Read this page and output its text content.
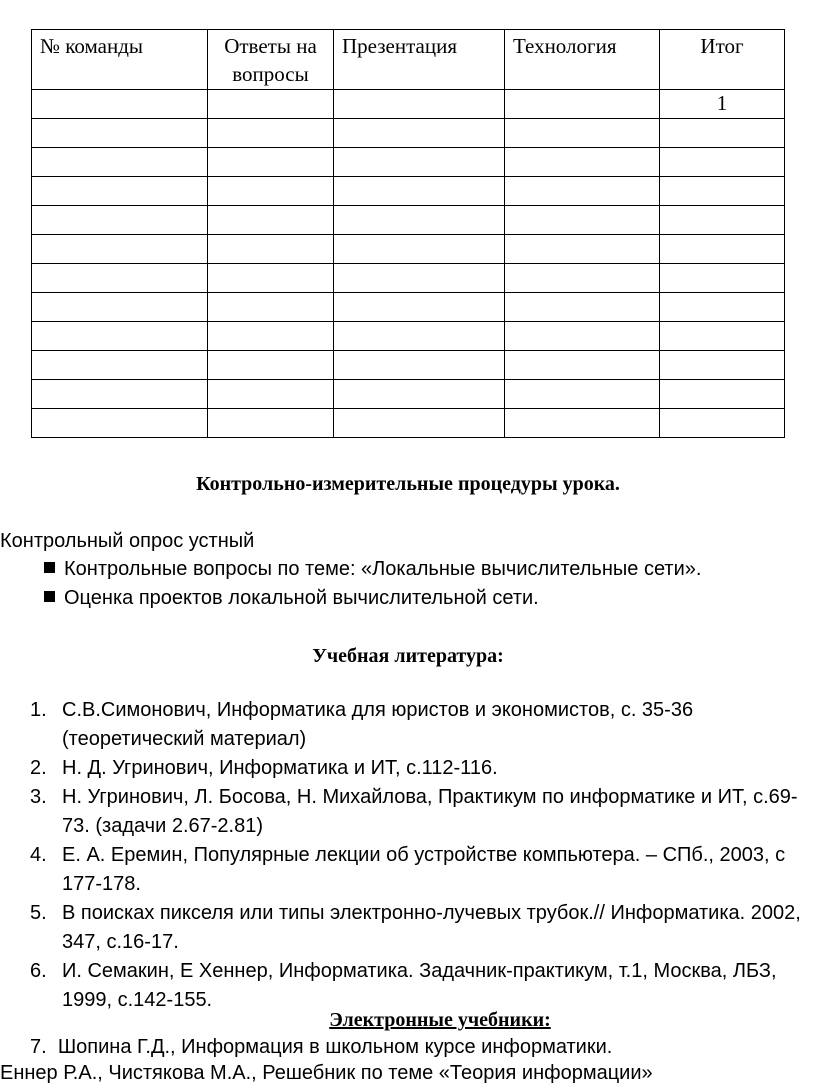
№ команды	Ответы на вопросы	Презентация	Технология	Итог
				1

Контрольно-измерительные процедуры урока.
Контрольный опрос устный
Контрольные вопросы по теме: «Локальные вычислительные сети».
Оценка проектов локальной вычислительной сети.
Учебная литература:
1. С.В.Симонович, Информатика для юристов и экономистов, с. 35-36 (теоретический материал)
2. Н. Д. Угринович, Информатика и ИТ, с.112-116.
3. Н. Угринович, Л. Босова, Н. Михайлова, Практикум по информатике и ИТ, с.69-73. (задачи 2.67-2.81)
4. Е. А. Еремин, Популярные лекции об устройстве компьютера. – СПб., 2003, с 177-178.
5. В поисках пикселя или типы электронно-лучевых трубок.// Информатика. 2002, 347, с.16-17.
6. И. Семакин, Е Хеннер, Информатика. Задачник-практикум, т.1, Москва, ЛБЗ, 1999, с.142-155.
Электронные учебники:
7. Шопина Г.Д., Информация в школьном курсе информатики.
Еннер Р.А., Чистякова М.А., Решебник по теме «Теория информации»
